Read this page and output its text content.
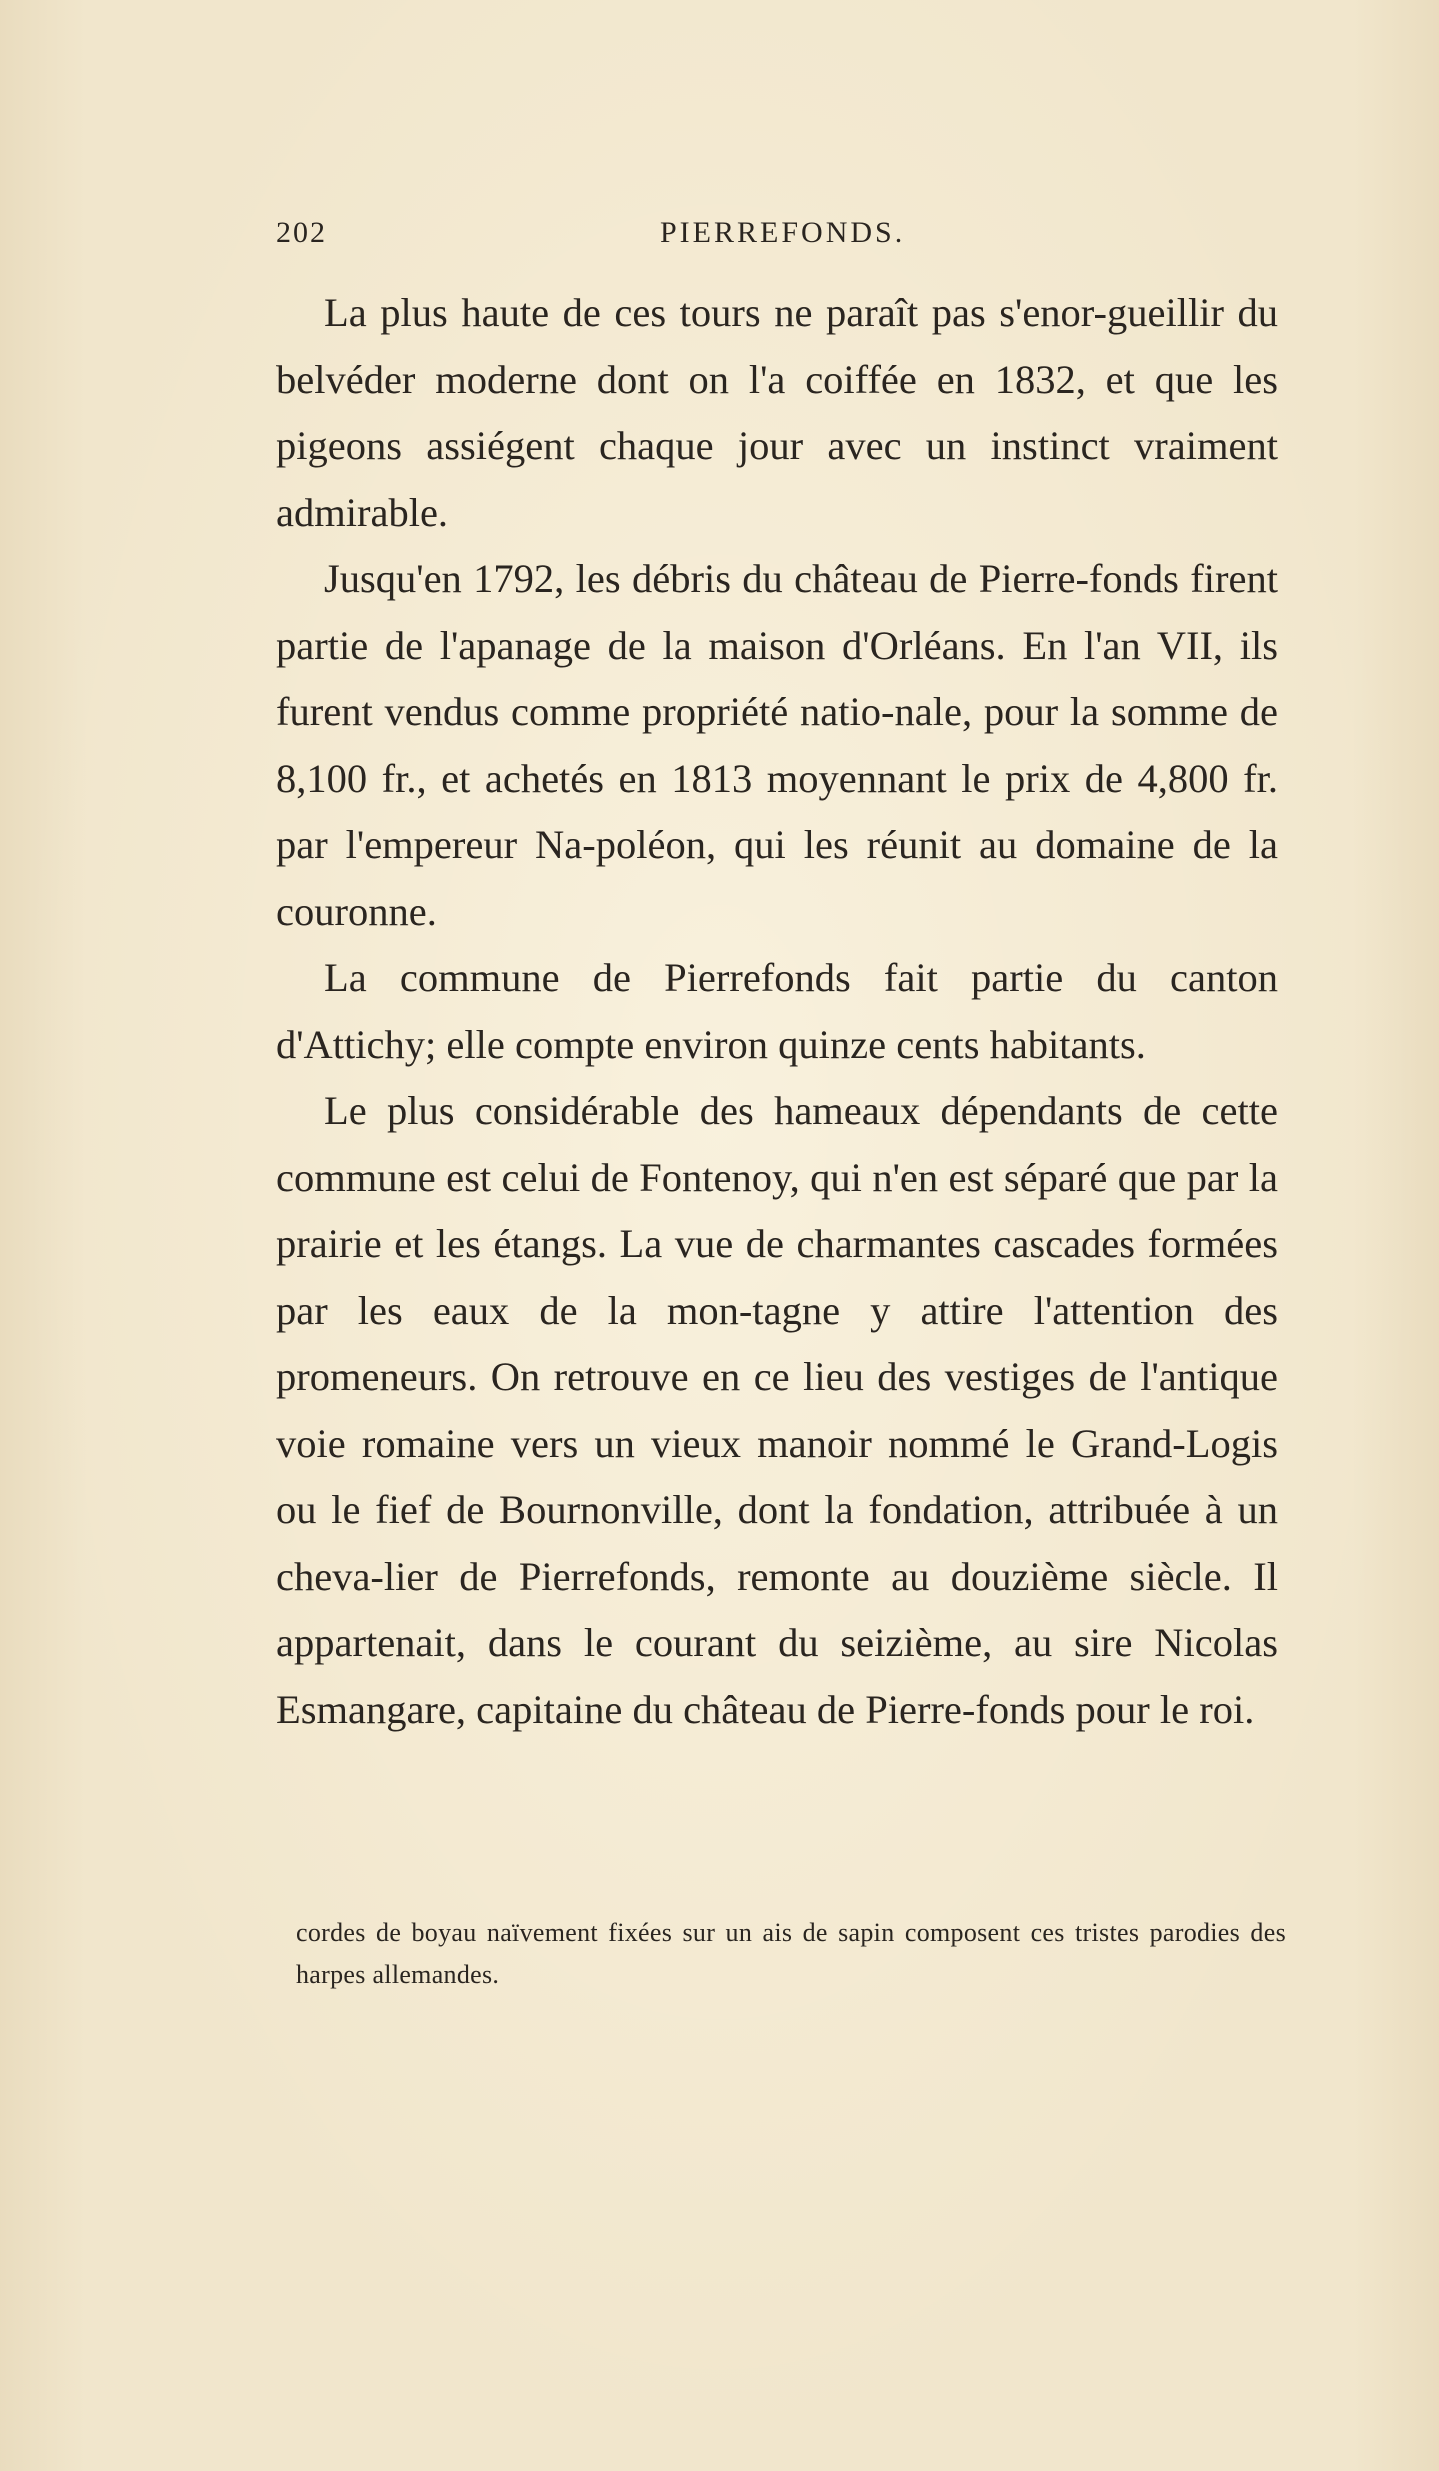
202	PIERREFONDS.

La plus haute de ces tours ne paraît pas s'enor-gueillir du belvéder moderne dont on l'a coiffée en 1832, et que les pigeons assiégent chaque jour avec un instinct vraiment admirable.

Jusqu'en 1792, les débris du château de Pierre-fonds firent partie de l'apanage de la maison d'Orléans. En l'an VII, ils furent vendus comme propriété natio-nale, pour la somme de 8,100 fr., et achetés en 1813 moyennant le prix de 4,800 fr. par l'empereur Na-poléon, qui les réunit au domaine de la couronne.

La commune de Pierrefonds fait partie du canton d'Attichy; elle compte environ quinze cents habitants.

Le plus considérable des hameaux dépendants de cette commune est celui de Fontenoy, qui n'en est séparé que par la prairie et les étangs. La vue de charmantes cascades formées par les eaux de la mon-tagne y attire l'attention des promeneurs. On retrouve en ce lieu des vestiges de l'antique voie romaine vers un vieux manoir nommé le Grand-Logis ou le fief de Bournonville, dont la fondation, attribuée à un cheva-lier de Pierrefonds, remonte au douzième siècle. Il appartenait, dans le courant du seizième, au sire Nicolas Esmangare, capitaine du château de Pierre-fonds pour le roi.

cordes de boyau naïvement fixées sur un ais de sapin composent ces tristes parodies des harpes allemandes.
